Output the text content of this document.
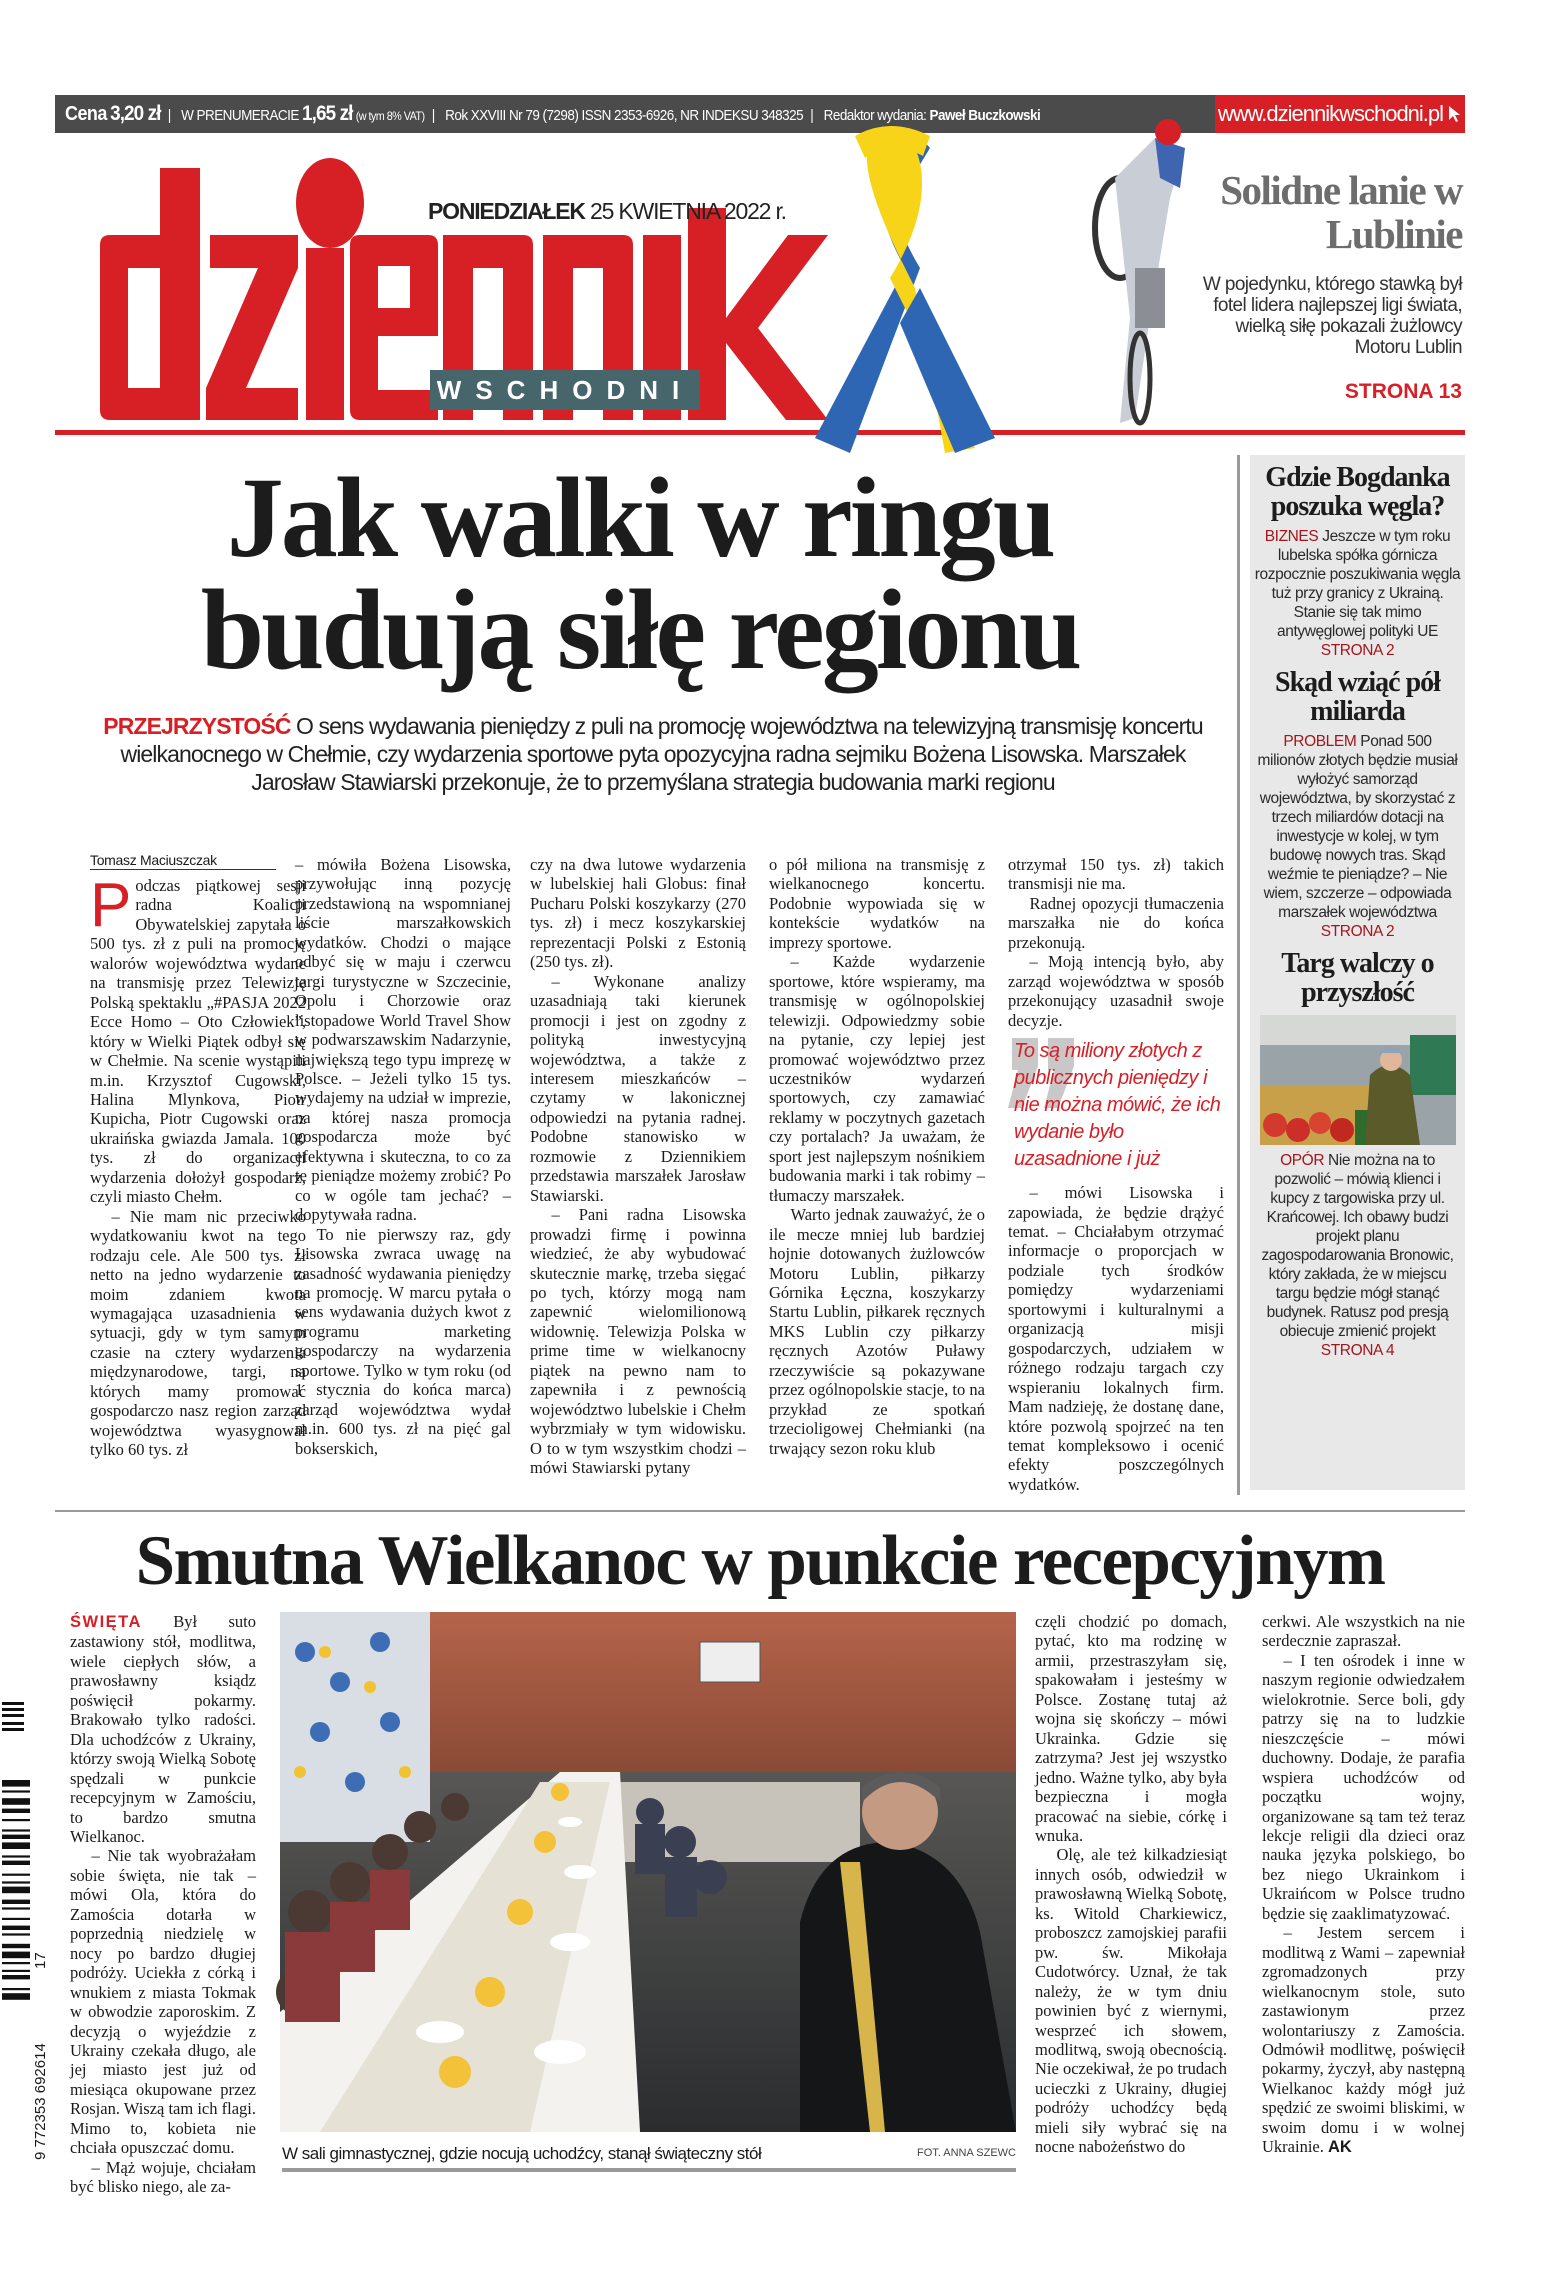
Cena 3,20 zł | W PRENUMERACIE 1,65 zł (w tym 8% VAT) | Rok XXVIII Nr 79 (7298) ISSN 2353-6926, NR INDEKSU 348325 | Redaktor wydania: Paweł Buczkowski	www.dziennikwschodni.pl
WSCHODNI
PONIEDZIAŁEK 25 KWIETNIA 2022 r.	Solidne lanie w Lublinie

W pojedynku, którego stawką był fotel lidera najlepszej ligi świata, wielką siłę pokazali żużlowcy Motoru Lublin

STRONA 13
Jak walki w ringu
budują siłę regionu

PRZEJRZYSTOŚĆ O sens wydawania pieniędzy z puli na promocję województwa na telewizyjną transmisję koncertu wielkanocnego w Chełmie, czy wydarzenia sportowe pyta opozycyjna radna sejmiku Bożena Lisowska. Marszałek Jarosław Stawiarski przekonuje, że to przemyślana strategia budowania marki regionu

Tomasz Maciuszczak

Podczas piątkowej sesji radna Koalicji Obywatelskiej zapytała o 500 tys. zł z puli na promocję walorów województwa wydane na transmisję przez Telewizję Polską spektaklu „#PASJA 2022 Ecce Homo – Oto Człowiek”, który w Wielki Piątek odbył się w Chełmie. Na scenie wystąpili m.in. Krzysztof Cugowski, Halina Mlynkova, Piotr Kupicha, Piotr Cugowski oraz ukraińska gwiazda Jamala. 100 tys. zł do organizacji wydarzenia dołożył gospodarz, czyli miasto Chełm.

– Nie mam nic przeciwko wydatkowaniu kwot na tego rodzaju cele. Ale 500 tys. zł netto na jedno wydarzenie to moim zdaniem kwota wymagająca uzasadnienia w sytuacji, gdy w tym samym czasie na cztery wydarzenia międzynarodowe, targi, na których mamy promować gospodarczo nasz region zarząd województwa wyasygnował tylko 60 tys. zł

– mówiła Bożena Lisowska, przywołując inną pozycję przedstawioną na wspomnianej liście marszałkowskich wydatków. Chodzi o mające odbyć się w maju i czerwcu targi turystyczne w Szczecinie, Opolu i Chorzowie oraz listopadowe World Travel Show w podwarszawskim Nadarzynie, największą tego typu imprezę w Polsce. – Jeżeli tylko 15 tys. wydajemy na udział w imprezie, na której nasza promocja gospodarcza może być efektywna i skuteczna, to co za te pieniądze możemy zrobić? Po co w ogóle tam jechać? – dopytywała radna.

To nie pierwszy raz, gdy Lisowska zwraca uwagę na zasadność wydawania pieniędzy na promocję. W marcu pytała o sens wydawania dużych kwot z programu marketing gospodarczy na wydarzenia sportowe. Tylko w tym roku (od 1 stycznia do końca marca) zarząd województwa wydał m.in. 600 tys. zł na pięć gal bokserskich,

czy na dwa lutowe wydarzenia w lubelskiej hali Globus: finał Pucharu Polski koszykarzy (270 tys. zł) i mecz koszykarskiej reprezentacji Polski z Estonią (250 tys. zł).

– Wykonane analizy uzasadniają taki kierunek promocji i jest on zgodny z polityką inwestycyjną województwa, a także z interesem mieszkańców – czytamy w lakonicznej odpowiedzi na pytania radnej. Podobne stanowisko w rozmowie z Dziennikiem przedstawia marszałek Jarosław Stawiarski.

– Pani radna Lisowska prowadzi firmę i powinna wiedzieć, że aby wybudować skutecznie markę, trzeba sięgać po tych, którzy mogą nam zapewnić wielomilionową widownię. Telewizja Polska w prime time w wielkanocny piątek na pewno nam to zapewniła i z pewnością województwo lubelskie i Chełm wybrzmiały w tym widowisku. O to w tym wszystkim chodzi – mówi Stawiarski pytany

o pół miliona na transmisję z wielkanocnego koncertu. Podobnie wypowiada się w kontekście wydatków na imprezy sportowe.

– Każde wydarzenie sportowe, które wspieramy, ma transmisję w ogólnopolskiej telewizji. Odpowiedzmy sobie na pytanie, czy lepiej jest promować województwo przez uczestników wydarzeń sportowych, czy zamawiać reklamy w poczytnych gazetach czy portalach? Ja uważam, że sport jest najlepszym nośnikiem budowania marki i tak robimy – tłumaczy marszałek.

Warto jednak zauważyć, że o ile mecze mniej lub bardziej hojnie dotowanych żużlowców Motoru Lublin, piłkarzy Górnika Łęczna, koszykarzy Startu Lublin, piłkarek ręcznych MKS Lublin czy piłkarzy ręcznych Azotów Puławy rzeczywiście są pokazywane przez ogólnopolskie stacje, to na przykład ze spotkań trzecioligowej Chełmianki (na trwający sezon roku klub

otrzymał 150 tys. zł) takich transmisji nie ma.

Radnej opozycji tłumaczenia marszałka nie do końca przekonują.

– Moją intencją było, aby zarząd województwa w sposób przekonujący uzasadnił swoje decyzje.

To są miliony złotych z publicznych pieniędzy i nie można mówić, że ich wydanie było uzasadnione i już

– mówi Lisowska i zapowiada, że będzie drążyć temat. – Chciałabym otrzymać informacje o proporcjach w podziale tych środków pomiędzy wydarzeniami sportowymi i kulturalnymi a organizacją misji gospodarczych, udziałem w różnego rodzaju targach czy wspieraniu lokalnych firm. Mam nadzieję, że dostanę dane, które pozwolą spojrzeć na ten temat kompleksowo i ocenić efekty poszczególnych wydatków.

Gdzie Bogdanka poszuka węgla?

BIZNES Jeszcze w tym roku lubelska spółka górnicza rozpocznie poszukiwania węgla tuż przy granicy z Ukrainą. Stanie się tak mimo antywęglowej polityki UE
STRONA 2

Skąd wziąć pół miliarda

PROBLEM Ponad 500 milionów złotych będzie musiał wyłożyć samorząd województwa, by skorzystać z trzech miliardów dotacji na inwestycje w kolej, w tym budowę nowych tras. Skąd weźmie te pieniądze? – Nie wiem, szczerze – odpowiada marszałek województwa
STRONA 2

Targ walczy o przyszłość

OPÓR Nie można na to pozwolić – mówią klienci i kupcy z targowiska przy ul. Krańcowej. Ich obawy budzi projekt planu zagospodarowania Bronowic, który zakłada, że w miejscu targu będzie mógł stanąć budynek. Ratusz pod presją obiecuje zmienić projekt
STRONA 4

Smutna Wielkanoc w punkcie recepcyjnym

ŚWIĘTA Był suto zastawiony stół, modlitwa, wiele ciepłych słów, a prawosławny ksiądz poświęcił pokarmy. Brakowało tylko radości. Dla uchodźców z Ukrainy, którzy swoją Wielką Sobotę spędzali w punkcie recepcyjnym w Zamościu, to bardzo smutna Wielkanoc.

– Nie tak wyobrażałam sobie święta, nie tak – mówi Ola, która do Zamościa dotarła w poprzednią niedzielę w nocy po bardzo długiej podróży. Uciekła z córką i wnukiem z miasta Tokmak w obwodzie zaporoskim. Z decyzją o wyjeździe z Ukrainy czekała długo, ale jej miasto jest już od miesiąca okupowane przez Rosjan. Wiszą tam ich flagi. Mimo to, kobieta nie chciała opuszczać domu.

– Mąż wojuje, chciałam być blisko niego, ale za-

W sali gimnastycznej, gdzie nocują uchodźcy, stanął świąteczny stół	FOT. ANNA SZEWC

częli chodzić po domach, pytać, kto ma rodzinę w armii, przestraszyłam się, spakowałam i jesteśmy w Polsce. Zostanę tutaj aż wojna się skończy – mówi Ukrainka. Gdzie się zatrzyma? Jest jej wszystko jedno. Ważne tylko, aby była bezpieczna i mogła pracować na siebie, córkę i wnuka.

Olę, ale też kilkadziesiąt innych osób, odwiedził w prawosławną Wielką Sobotę, ks. Witold Charkiewicz, proboszcz zamojskiej parafii pw. św. Mikołaja Cudotwórcy. Uznał, że tak należy, że w tym dniu powinien być z wiernymi, wesprzeć ich słowem, modlitwą, swoją obecnością. Nie oczekiwał, że po trudach ucieczki z Ukrainy, długiej podróży uchodźcy będą mieli siły wybrać się na nocne nabożeństwo do

cerkwi. Ale wszystkich na nie serdecznie zapraszał.

– I ten ośrodek i inne w naszym regionie odwiedzałem wielokrotnie. Serce boli, gdy patrzy się na to ludzkie nieszczęście – mówi duchowny. Dodaje, że parafia wspiera uchodźców od początku wojny, organizowane są tam też teraz lekcje religii dla dzieci oraz nauka języka polskiego, bo bez niego Ukrainkom i Ukraińcom w Polsce trudno będzie się zaaklimatyzować.

– Jestem sercem i modlitwą z Wami – zapewniał zgromadzonych przy wielkanocnym stole, suto zastawionym przez wolontariuszy z Zamościa. Odmówił modlitwę, poświęcił pokarmy, życzył, aby następną Wielkanoc każdy mógł już spędzić ze swoimi bliskimi, w swoim domu i w wolnej Ukrainie. AK

9 772353 692614 17
